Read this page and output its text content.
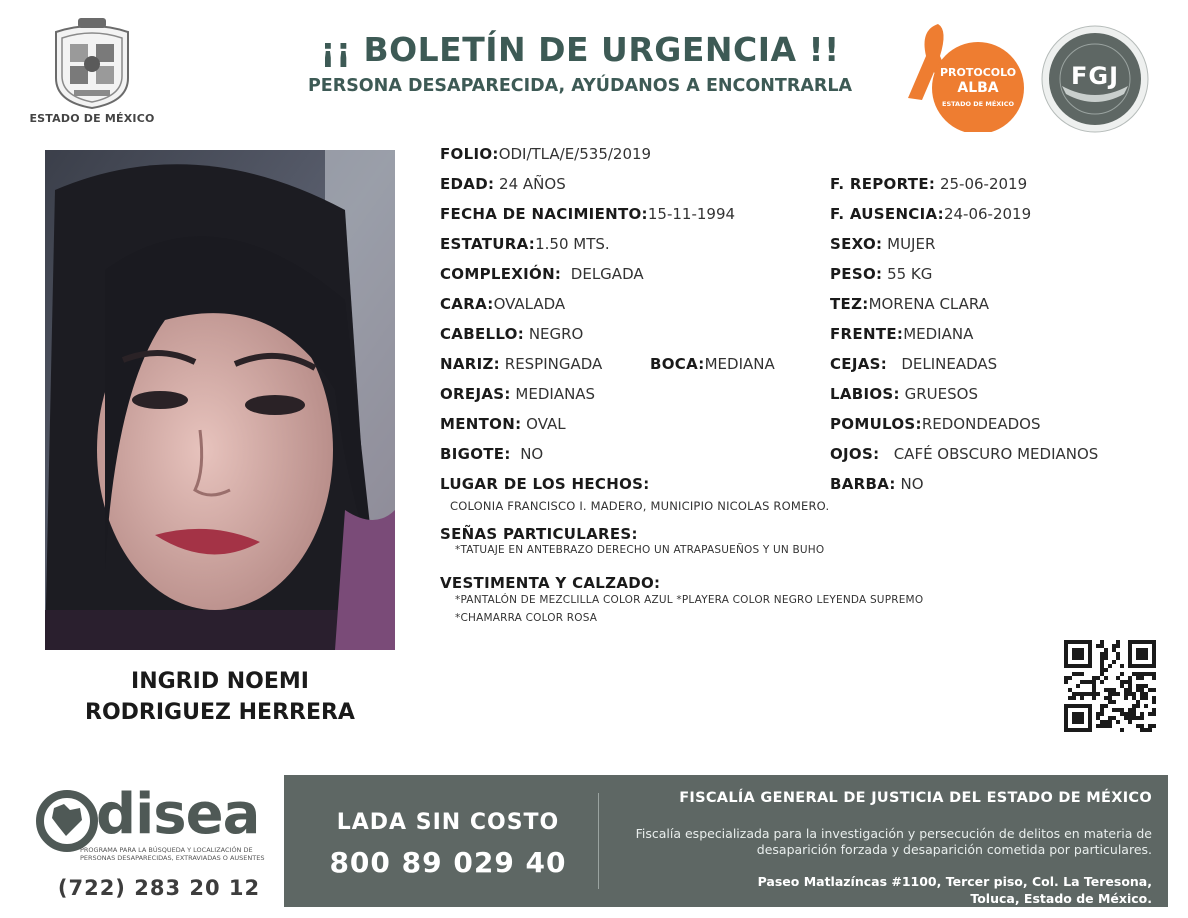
ESTADO DE MÉXICO
¡¡ BOLETÍN DE URGENCIA !!
PERSONA DESAPARECIDA, AYÚDANOS A ENCONTRARLA
PROTOCOLO
ALBA
ESTADO DE MÉXICO
FGJ
INGRID NOEMI
RODRIGUEZ HERRERA
FOLIO:ODI/TLA/E/535/2019
EDAD: 24 AÑOS	F. REPORTE: 25-06-2019
FECHA DE NACIMIENTO:15-11-1994	F. AUSENCIA:24-06-2019
ESTATURA:1.50 MTS.	SEXO: MUJER
COMPLEXIÓN: DELGADA	PESO: 55 KG
CARA:OVALADA	TEZ:MORENA CLARA
CABELLO: NEGRO	FRENTE:MEDIANA
NARIZ: RESPINGADA	BOCA:MEDIANA	CEJAS: DELINEADAS
OREJAS: MEDIANAS	LABIOS: GRUESOS
MENTON: OVAL	POMULOS:REDONDEADOS
BIGOTE: NO	OJOS: CAFÉ OBSCURO MEDIANOS
LUGAR DE LOS HECHOS:	BARBA: NO
COLONIA FRANCISCO I. MADERO, MUNICIPIO NICOLAS ROMERO.
SEÑAS PARTICULARES:
*TATUAJE EN ANTEBRAZO DERECHO UN ATRAPASUEÑOS Y UN BUHO
VESTIMENTA Y CALZADO:
*PANTALÓN DE MEZCLILLA COLOR AZUL *PLAYERA COLOR NEGRO LEYENDA SUPREMO
*CHAMARRA COLOR ROSA
disea
PROGRAMA PARA LA BÚSQUEDA Y LOCALIZACIÓN DE PERSONAS DESAPARECIDAS, EXTRAVIADAS O AUSENTES
(722) 283 20 12
LADA SIN COSTO
800 89 029 40
FISCALÍA GENERAL DE JUSTICIA DEL ESTADO DE MÉXICO
Fiscalía especializada para la investigación y persecución de delitos en materia de desaparición forzada y desaparición cometida por particulares.
Paseo Matlazíncas #1100, Tercer piso, Col. La Teresona,
Toluca, Estado de México.
